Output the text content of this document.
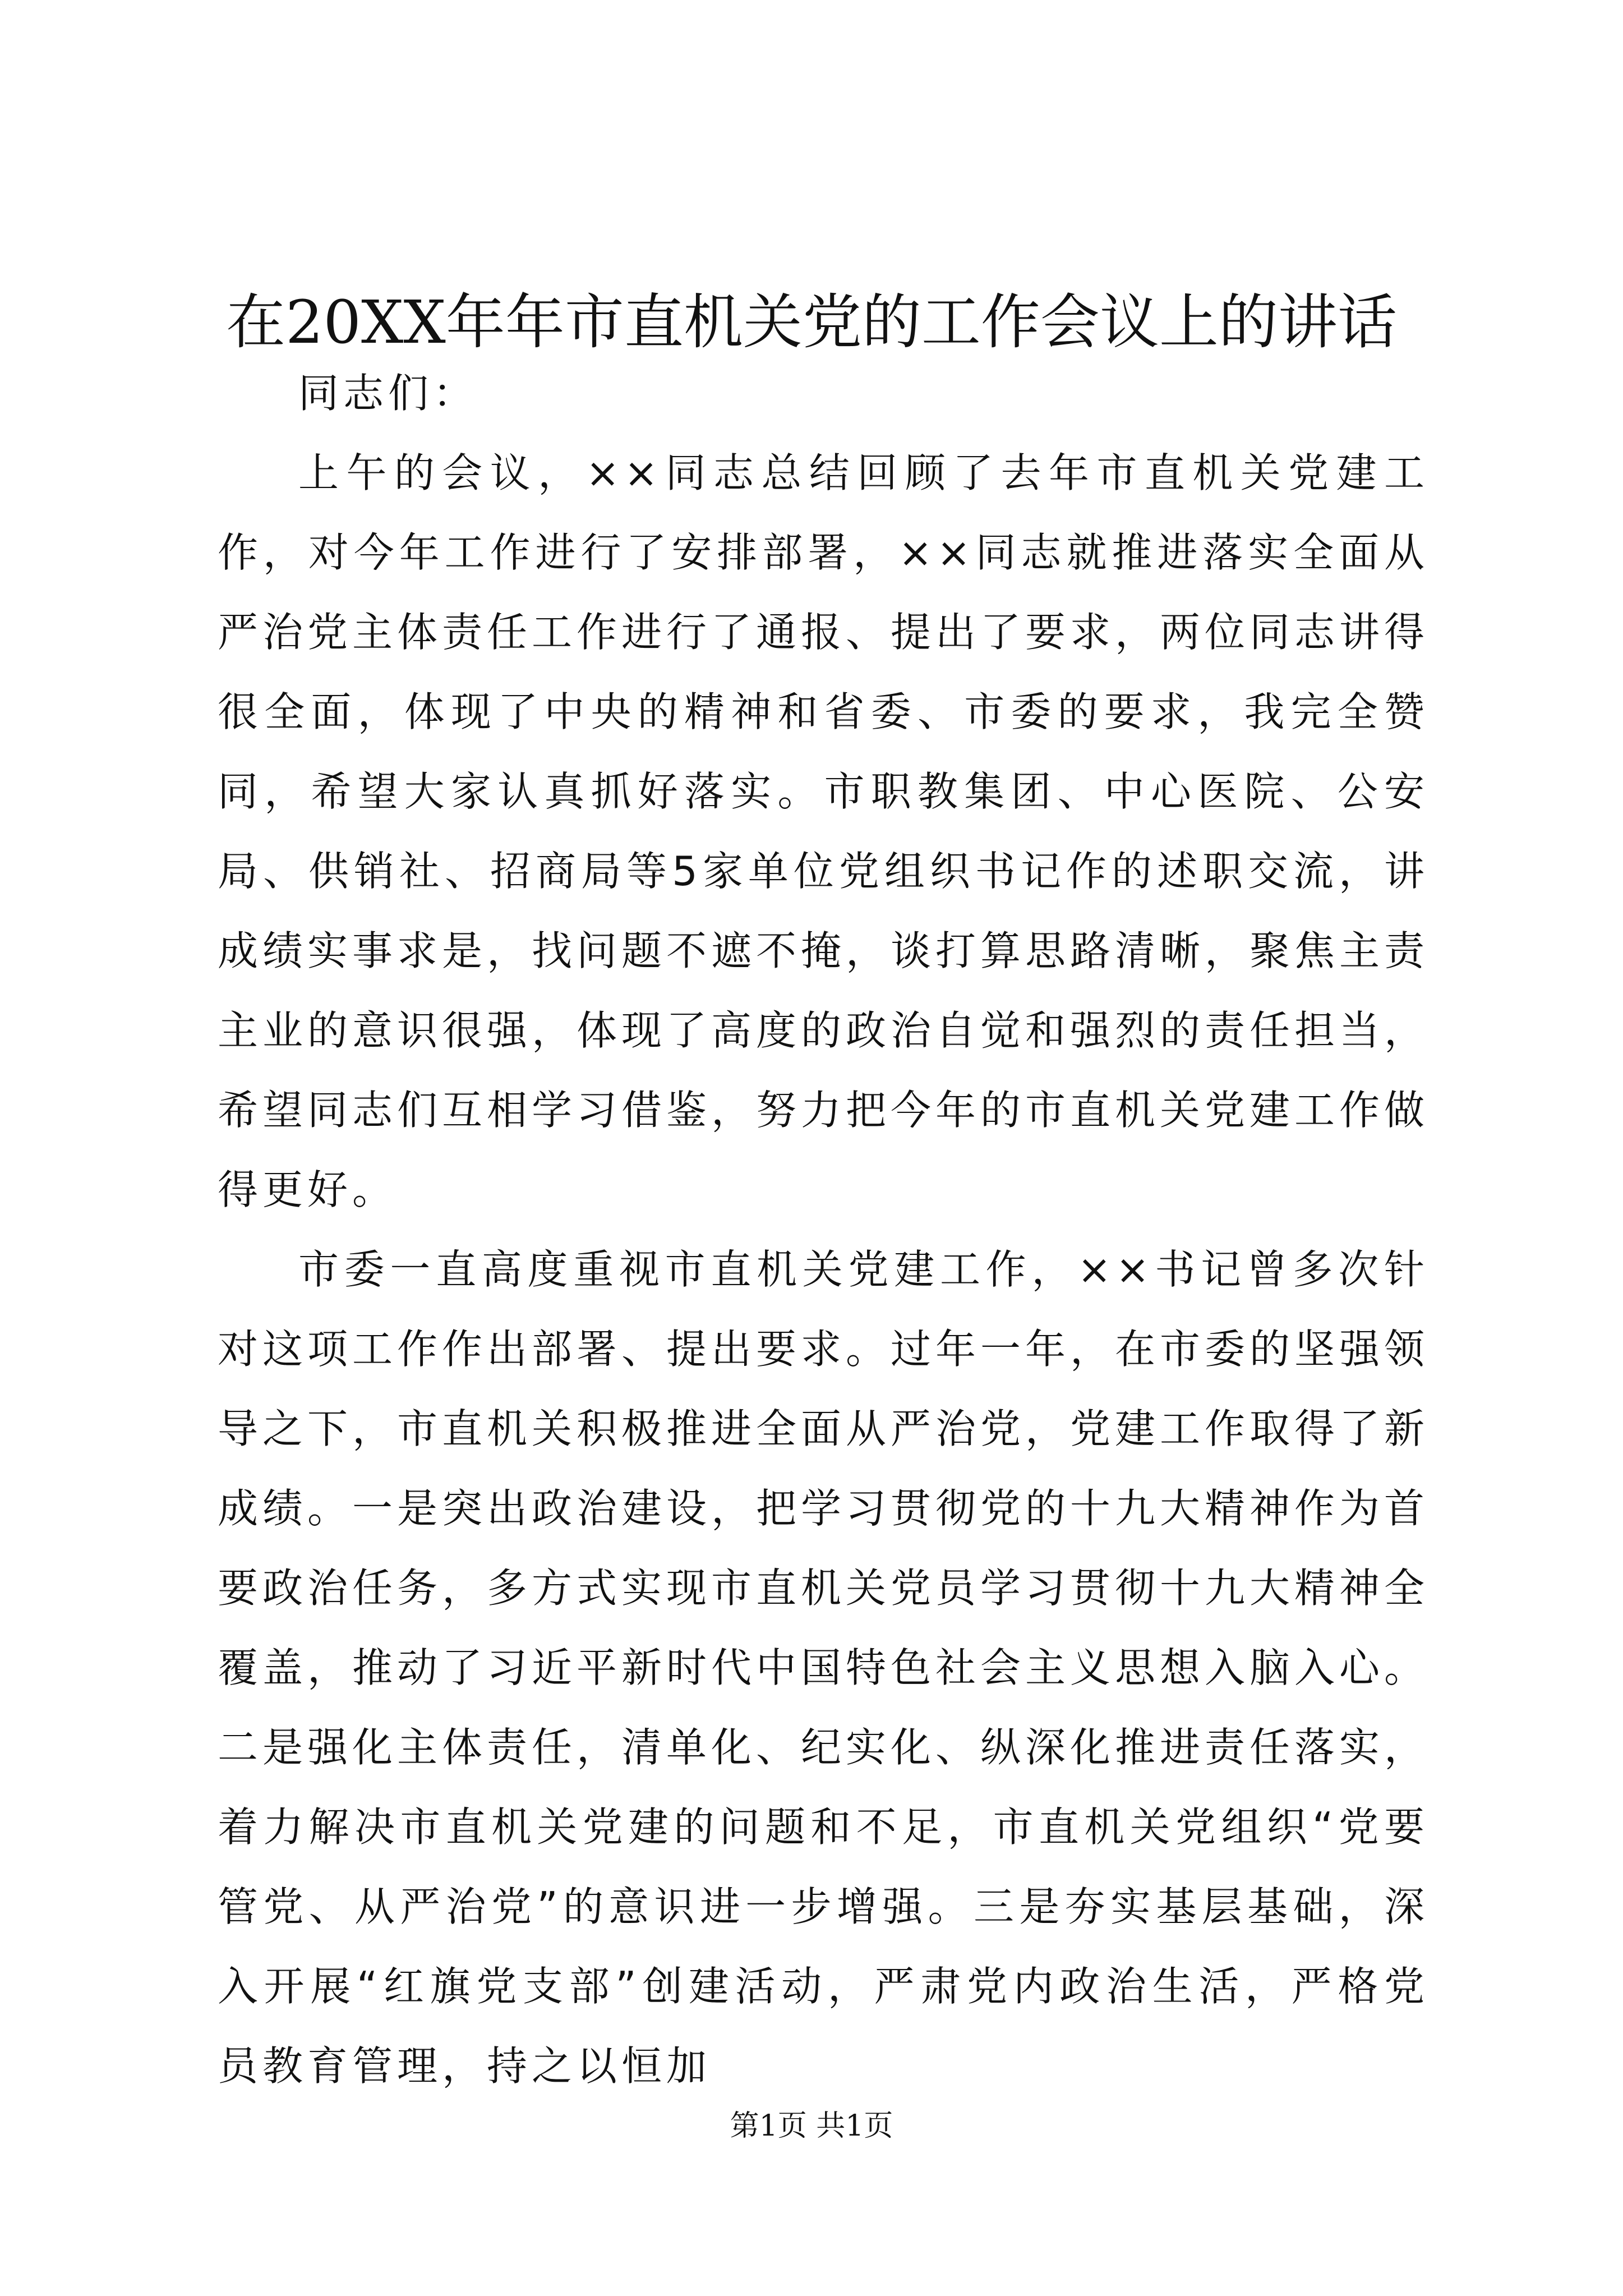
在20XX年年市直机关党的工作会议上的讲话

同志们：

上午的会议，××同志总结回顾了去年市直机关党建工作，对今年工作进行了安排部署，××同志就推进落实全面从严治党主体责任工作进行了通报、提出了要求，两位同志讲得很全面，体现了中央的精神和省委、市委的要求，我完全赞同，希望大家认真抓好落实。市职教集团、中心医院、公安局、供销社、招商局等5家单位党组织书记作的述职交流，讲成绩实事求是，找问题不遮不掩，谈打算思路清晰，聚焦主责主业的意识很强，体现了高度的政治自觉和强烈的责任担当，希望同志们互相学习借鉴，努力把今年的市直机关党建工作做得更好。

市委一直高度重视市直机关党建工作，××书记曾多次针对这项工作作出部署、提出要求。过年一年，在市委的坚强领导之下，市直机关积极推进全面从严治党，党建工作取得了新成绩。一是突出政治建设，把学习贯彻党的十九大精神作为首要政治任务，多方式实现市直机关党员学习贯彻十九大精神全覆盖，推动了习近平新时代中国特色社会主义思想入脑入心。二是强化主体责任，清单化、纪实化、纵深化推进责任落实，着力解决市直机关党建的问题和不足，市直机关党组织“党要管党、从严治党”的意识进一步增强。三是夯实基层基础，深入开展“红旗党支部”创建活动，严肃党内政治生活，严格党员教育管理，持之以恒加

第1页 共1页
